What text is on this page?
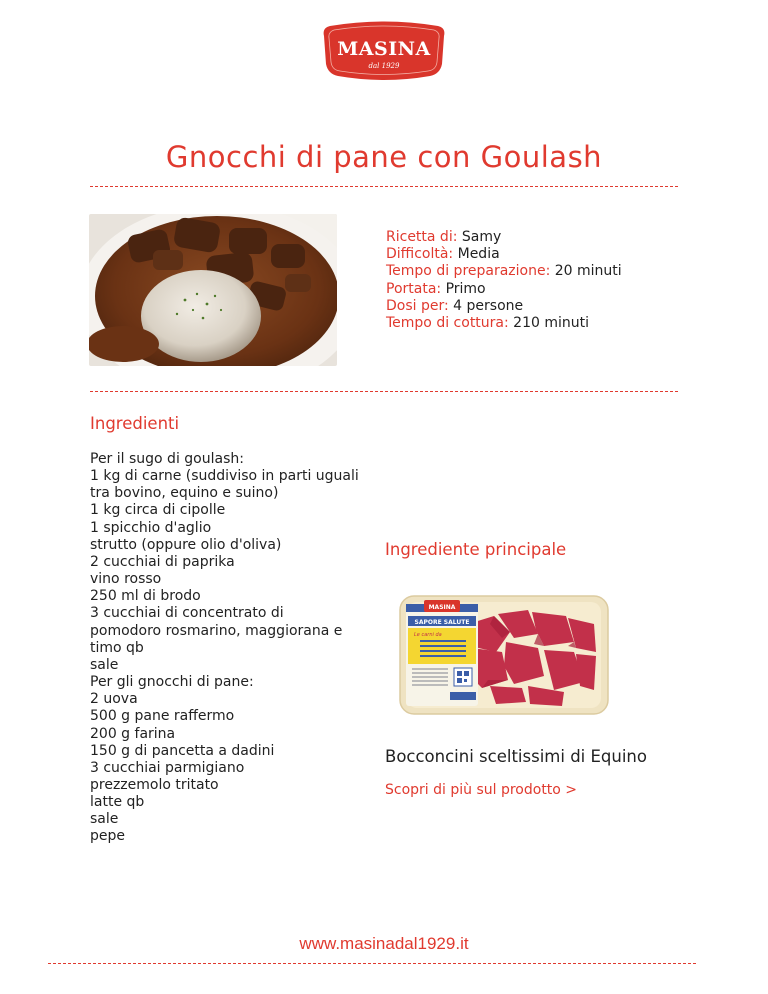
MASINA
dal 1929
Gnocchi di pane con Goulash
Ricetta di: Samy
Difficoltà: Media
Tempo di preparazione: 20 minuti
Portata: Primo
Dosi per: 4 persone
Tempo di cottura: 210 minuti
Ingredienti
Per il sugo di goulash:
1 kg di carne (suddiviso in parti uguali
tra bovino, equino e suino)
1 kg circa di cipolle
1 spicchio d'aglio
strutto (oppure olio d'oliva)
2 cucchiai di paprika
vino rosso
250 ml di brodo
3 cucchiai di concentrato di
pomodoro rosmarino, maggiorana e
timo qb
sale
Per gli gnocchi di pane:
2 uova
500 g pane raffermo
200 g farina
150 g di pancetta a dadini
3 cucchiai parmigiano
prezzemolo tritato
latte qb
sale
pepe
Ingrediente principale
MASINA
SAPORE SALUTE
Le carni da
Bocconcini sceltissimi di Equino
Scopri di più sul prodotto >
www.masinadal1929.it
